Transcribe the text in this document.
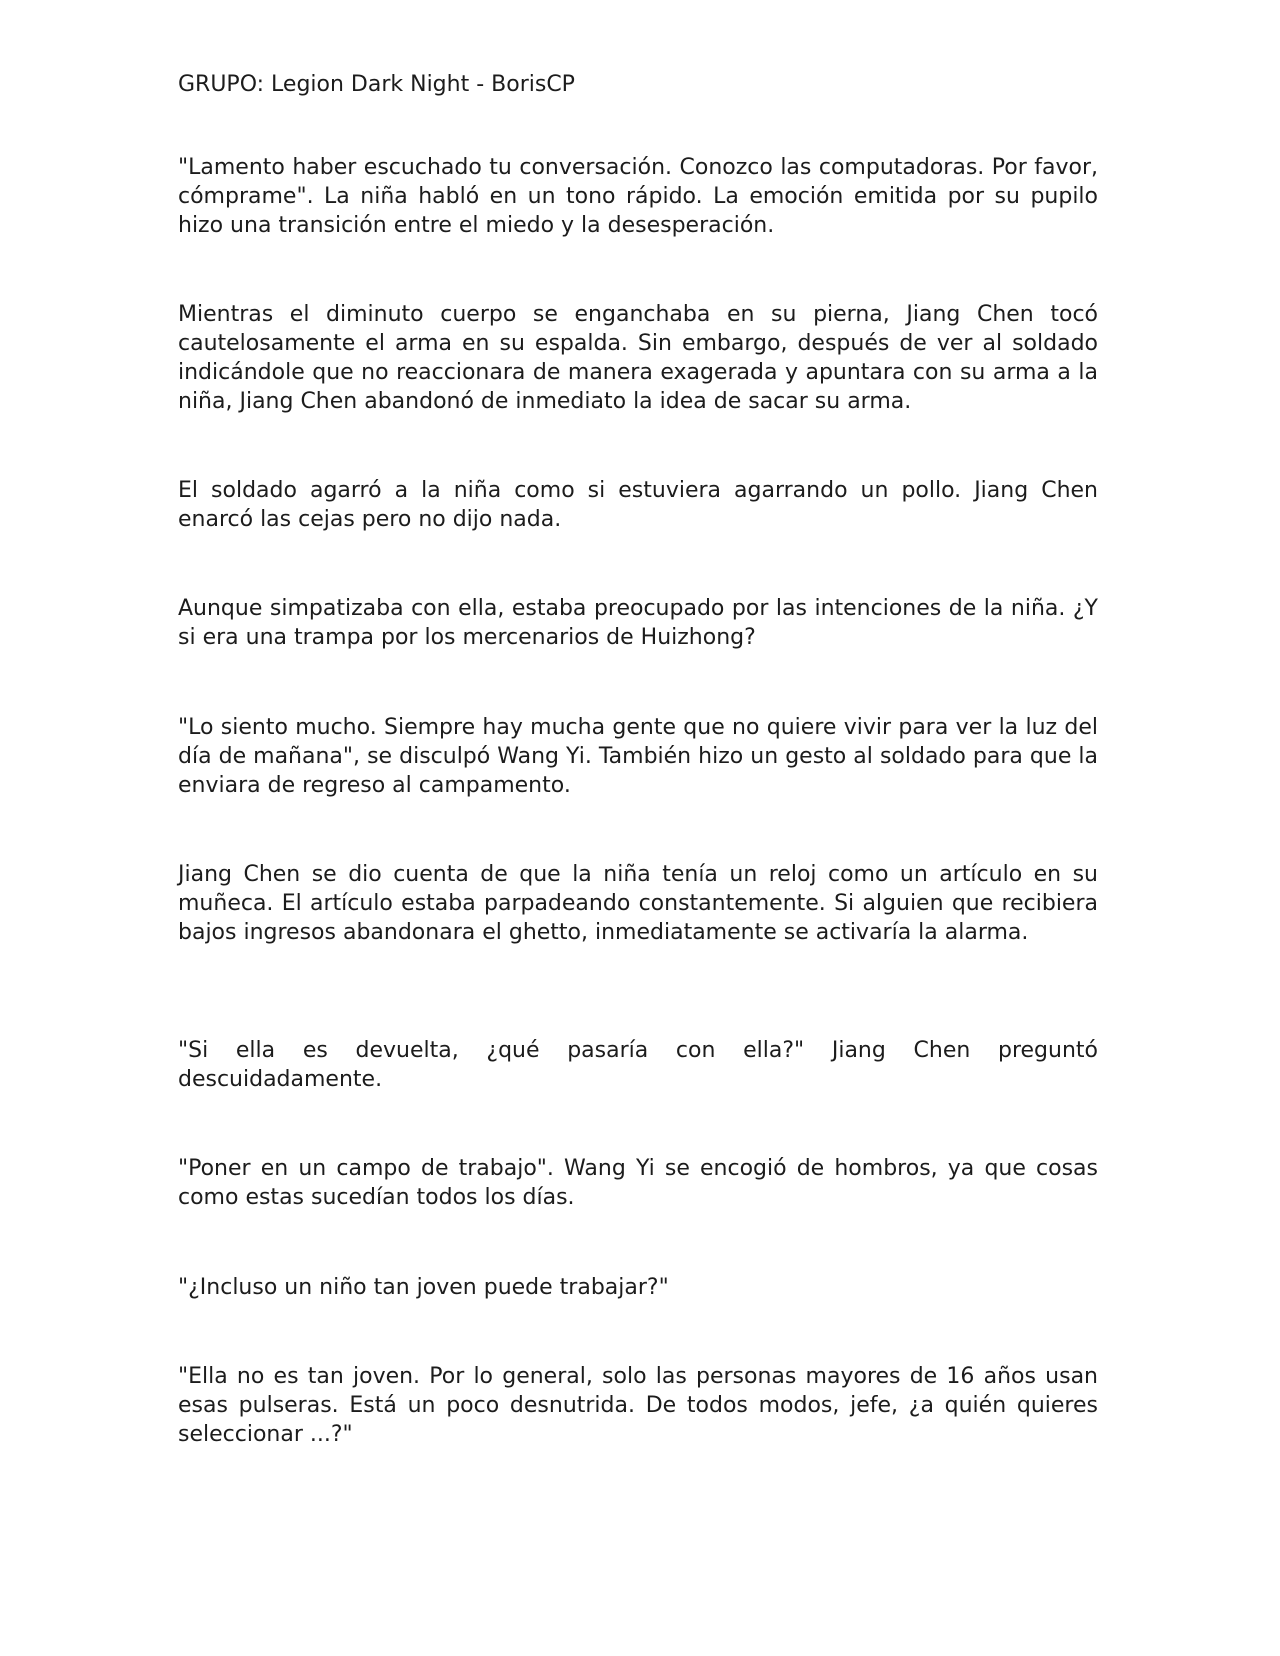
GRUPO: Legion Dark Night - BorisCP

"Lamento haber escuchado tu conversación. Conozco las computadoras. Por favor, cómprame". La niña habló en un tono rápido. La emoción emitida por su pupilo hizo una transición entre el miedo y la desesperación.

Mientras el diminuto cuerpo se enganchaba en su pierna, Jiang Chen tocó cautelosamente el arma en su espalda. Sin embargo, después de ver al soldado indicándole que no reaccionara de manera exagerada y apuntara con su arma a la niña, Jiang Chen abandonó de inmediato la idea de sacar su arma.

El soldado agarró a la niña como si estuviera agarrando un pollo. Jiang Chen enarcó las cejas pero no dijo nada.

Aunque simpatizaba con ella, estaba preocupado por las intenciones de la niña. ¿Y si era una trampa por los mercenarios de Huizhong?

"Lo siento mucho. Siempre hay mucha gente que no quiere vivir para ver la luz del día de mañana", se disculpó Wang Yi. También hizo un gesto al soldado para que la enviara de regreso al campamento.

Jiang Chen se dio cuenta de que la niña tenía un reloj como un artículo en su muñeca. El artículo estaba parpadeando constantemente. Si alguien que recibiera bajos ingresos abandonara el ghetto, inmediatamente se activaría la alarma.

"Si ella es devuelta, ¿qué pasaría con ella?" Jiang Chen preguntó descuidadamente.

"Poner en un campo de trabajo". Wang Yi se encogió de hombros, ya que cosas como estas sucedían todos los días.

"¿Incluso un niño tan joven puede trabajar?"

"Ella no es tan joven. Por lo general, solo las personas mayores de 16 años usan esas pulseras. Está un poco desnutrida. De todos modos, jefe, ¿a quién quieres seleccionar ...?"
